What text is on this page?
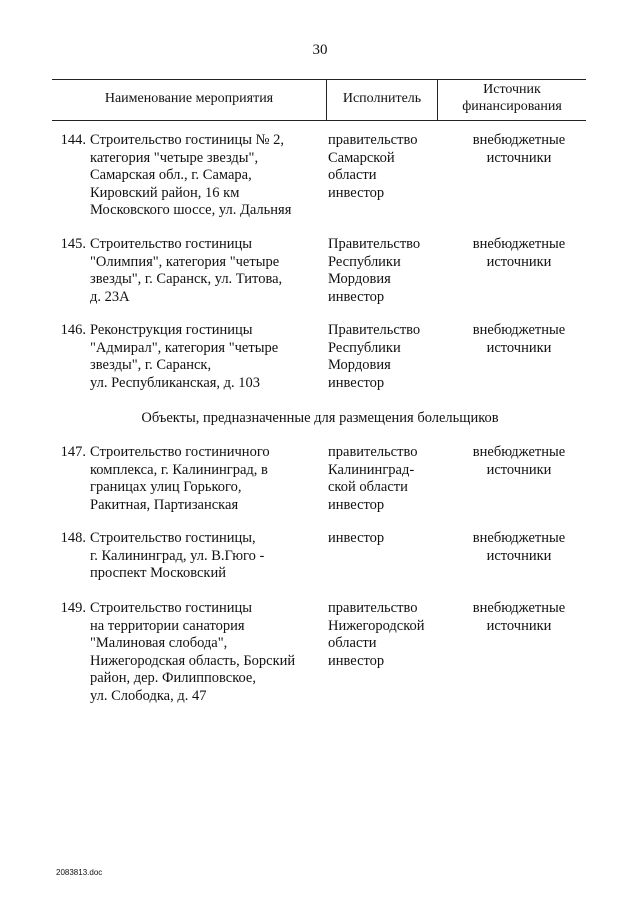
30
Наименование мероприятия	Исполнитель
Источник
финансирования
144. Строительство гостиницы № 2,
категория "четыре звезды",
Самарская обл., г. Самара,
Кировский район, 16 км
Московского шоссе, ул. Дальняя
правительство
Самарской
области
инвестор
внебюджетные
источники
145. Строительство гостиницы
"Олимпия", категория "четыре
звезды", г. Саранск, ул. Титова,
д. 23А
Правительство
Республики
Мордовия
инвестор
внебюджетные
источники
146. Реконструкция гостиницы
"Адмирал", категория "четыре
звезды", г. Саранск,
ул. Республиканская, д. 103
Правительство
Республики
Мордовия
инвестор
внебюджетные
источники
Объекты, предназначенные для размещения болельщиков
147. Строительство гостиничного
комплекса, г. Калининград, в
границах улиц Горького,
Ракитная, Партизанская
правительство
Калининград-
ской области
инвестор
внебюджетные
источники
148. Строительство гостиницы,
г. Калининград, ул. В.Гюго -
проспект Московский
инвестор	внебюджетные
источники
149. Строительство гостиницы
на территории санатория
"Малиновая слобода",
Нижегородская область, Борский
район, дер. Филипповское,
ул. Слободка, д. 47
правительство
Нижегородской
области
инвестор
внебюджетные
источники
2083813.doc
